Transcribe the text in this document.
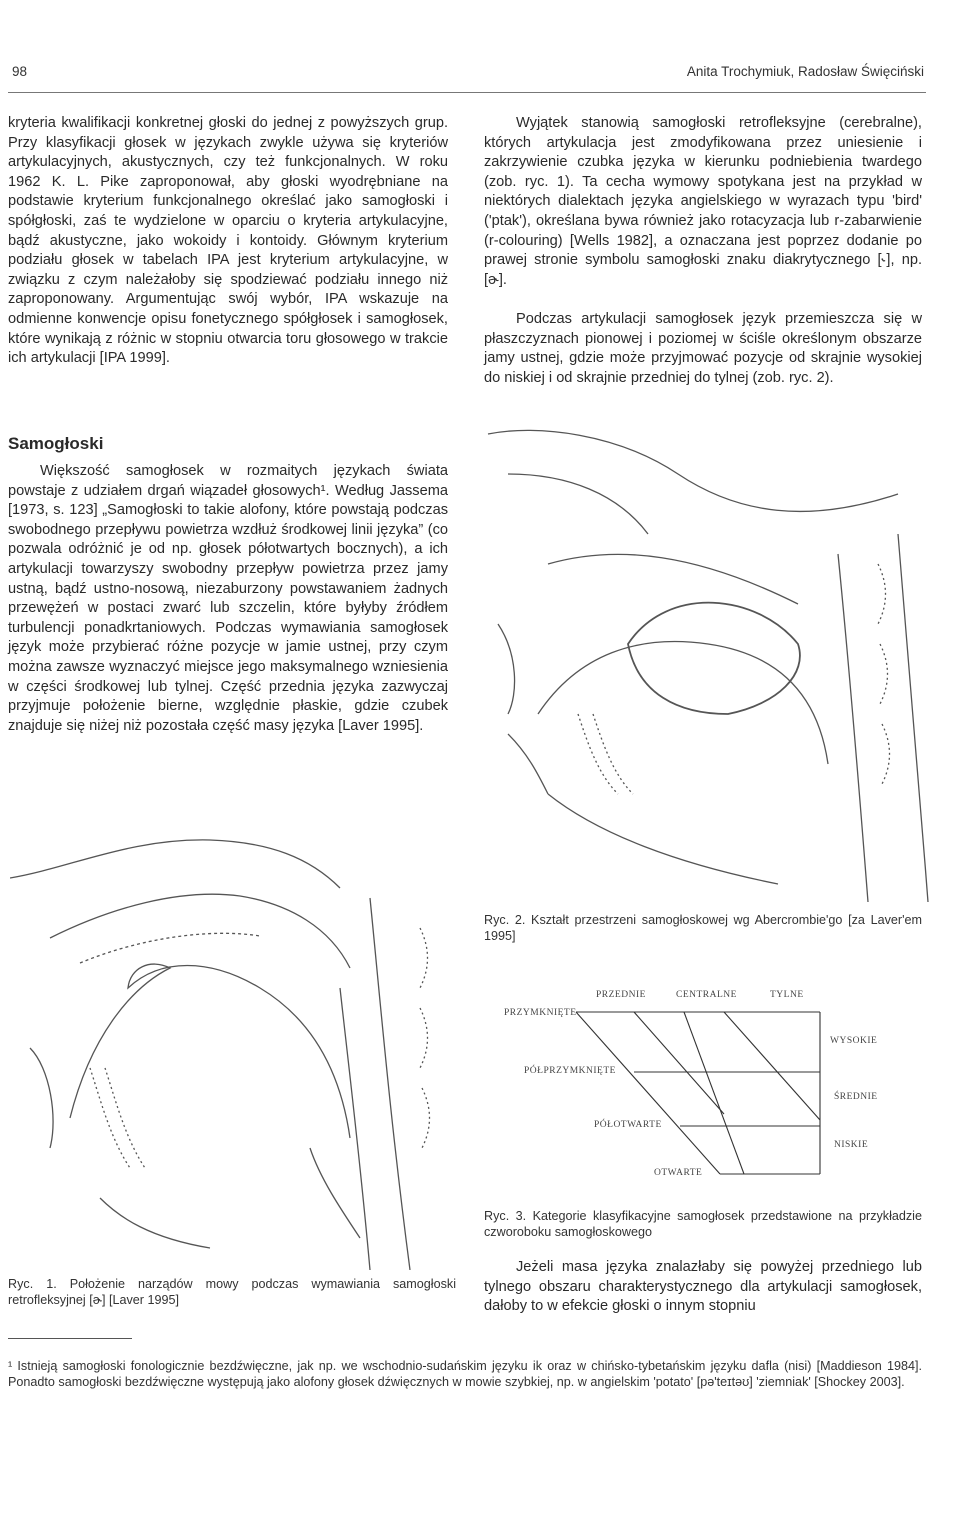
98	Anita Trochymiuk, Radosław Święciński

kryteria kwalifikacji konkretnej głoski do jednej z powyższych grup. Przy klasyfikacji głosek w językach zwykle używa się kryteriów artykulacyjnych, akustycznych, czy też funkcjonalnych. W roku 1962 K. L. Pike zaproponował, aby głoski wyodrębniane na podstawie kryterium funkcjonalnego określać jako samogłoski i spółgłoski, zaś te wydzielone w oparciu o kryteria artykulacyjne, bądź akustyczne, jako wokoidy i kontoidy. Głównym kryterium podziału głosek w tabelach IPA jest kryterium artykulacyjne, w związku z czym należałoby się spodziewać podziału innego niż zaproponowany. Argumentując swój wybór, IPA wskazuje na odmienne konwencje opisu fonetycznego spółgłosek i samogłosek, które wynikają z różnic w stopniu otwarcia toru głosowego w trakcie ich artykulacji [IPA 1999].

Samogłoski

Większość samogłosek w rozmaitych językach świata powstaje z udziałem drgań wiązadeł głosowych¹. Według Jassema [1973, s. 123] „Samogłoski to takie alofony, które powstają podczas swobodnego przepływu powietrza wzdłuż środkowej linii języka” (co pozwala odróżnić je od np. głosek półotwartych bocznych), a ich artykulacji towarzyszy swobodny przepływ powietrza przez jamy ustną, bądź ustno-nosową, niezaburzony powstawaniem żadnych przewężeń w postaci zwarć lub szczelin, które byłyby źródłem turbulencji ponadkrtaniowych. Podczas wymawiania samogłosek język może przybierać różne pozycje w jamie ustnej, przy czym można zawsze wyznaczyć miejsce jego maksymalnego wzniesienia w części środkowej lub tylnej. Część przednia języka zazwyczaj przyjmuje położenie bierne, względnie płaskie, gdzie czubek znajduje się niżej niż pozostała część masy języka [Laver 1995].

Wyjątek stanowią samogłoski retrofleksyjne (cerebralne), których artykulacja jest zmodyfikowana przez uniesienie i zakrzywienie czubka języka w kierunku podniebienia twardego (zob. ryc. 1). Ta cecha wymowy spotykana jest na przykład w niektórych dialektach języka angielskiego w wyrazach typu 'bird' ('ptak'), określana bywa również jako rotacyzacja lub r-zabarwienie (r-colouring) [Wells 1982], a oznaczana jest poprzez dodanie po prawej stronie symbolu samogłoski znaku diakrytycznego [˞], np. [ɚ].

Podczas artykulacji samogłosek język przemieszcza się w płaszczyznach pionowej i poziomej w ściśle określonym obszarze jamy ustnej, gdzie może przyjmować pozycje od skrajnie wysokiej do niskiej i od skrajnie przedniej do tylnej (zob. ryc. 2).

Ryc. 1. Położenie narządów mowy podczas wymawiania samogłoski retrofleksyjnej [ɚ] [Laver 1995]
Ryc. 2. Kształt przestrzeni samogłoskowej wg Abercrombie'go [za Laver'em 1995]
PRZEDNIE	CENTRALNE	TYLNE
PRZYMKNIĘTE
PÓŁPRZYMKNIĘTE
PÓŁOTWARTE
OTWARTE
WYSOKIE
ŚREDNIE
NISKIE
Ryc. 3. Kategorie klasyfikacyjne samogłosek przedstawione na przykładzie czworoboku samogłoskowego

Jeżeli masa języka znalazłaby się powyżej przedniego lub tylnego obszaru charakterystycznego dla artykulacji samogłosek, dałoby to w efekcie głoski o innym stopniu

¹ Istnieją samogłoski fonologicznie bezdźwięczne, jak np. we wschodnio-sudańskim języku ik oraz w chińsko-tybetańskim języku dafla (nisi) [Maddieson 1984]. Ponadto samogłoski bezdźwięczne występują jako alofony głosek dźwięcznych w mowie szybkiej, np. w angielskim 'potato' [pə'teɪtəʊ] 'ziemniak' [Shockey 2003].
